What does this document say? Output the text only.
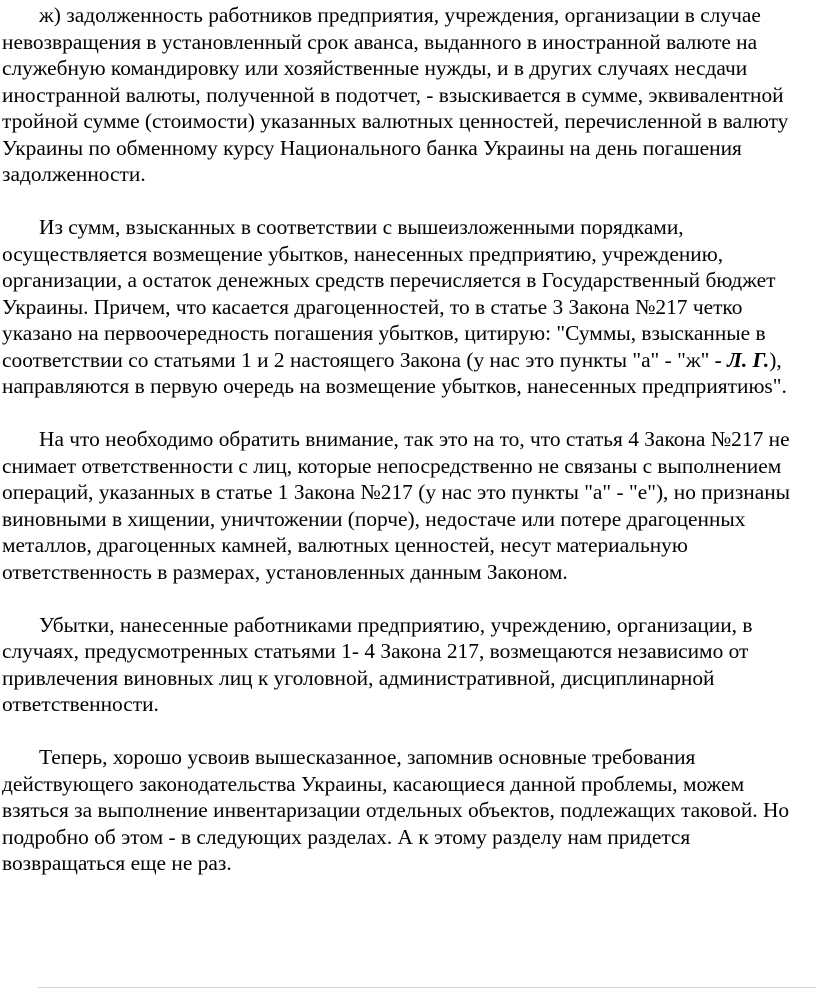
ж) задолженность работников предприятия, учреждения, организации в случае невозвращения в установленный срок аванса, выданного в иностранной валюте на служебную командировку или хозяйственные нужды, и в других случаях несдачи иностранной валюты, полученной в подотчет, - взыскивается в сумме, эквивалентной тройной сумме (стоимости) указанных валютных ценностей, перечисленной в валюту Украины по обменному курсу Национального банка Украины на день погашения задолженности.

Из сумм, взысканных в соответствии с вышеизложенными порядками, осуществляется возмещение убытков, нанесенных предприятию, учреждению, организации, а остаток денежных средств перечисляется в Государственный бюджет Украины. Причем, что касается драгоценностей, то в статье 3 Закона №217 четко указано на первоочередность погашения убытков, цитирую: "Суммы, взысканные в соответствии со статьями 1 и 2 настоящего Закона (у нас это пункты "а" - "ж" - Л. Г.), направляются в первую очередь на возмещение убытков, нанесенных предприятиюs".

На что необходимо обратить внимание, так это на то, что статья 4 Закона №217 не снимает ответственности с лиц, которые непосредственно не связаны с выполнением операций, указанных в статье 1 Закона №217 (у нас это пункты "а" - "е"), но признаны виновными в хищении, уничтожении (порче), недостаче или потере драгоценных металлов, драгоценных камней, валютных ценностей, несут материальную ответственность в размерах, установленных данным Законом.

Убытки, нанесенные работниками предприятию, учреждению, организации, в случаях, предусмотренных статьями 1- 4 Закона 217, возмещаются независимо от привлечения виновных лиц к уголовной, административной, дисциплинарной ответственности.

Теперь, хорошо усвоив вышесказанное, запомнив основные требования действующего законодательства Украины, касающиеся данной проблемы, можем взяться за выполнение инвентаризации отдельных объектов, подлежащих таковой. Но подробно об этом - в следующих разделах. А к этому разделу нам придется возвращаться еще не раз.
